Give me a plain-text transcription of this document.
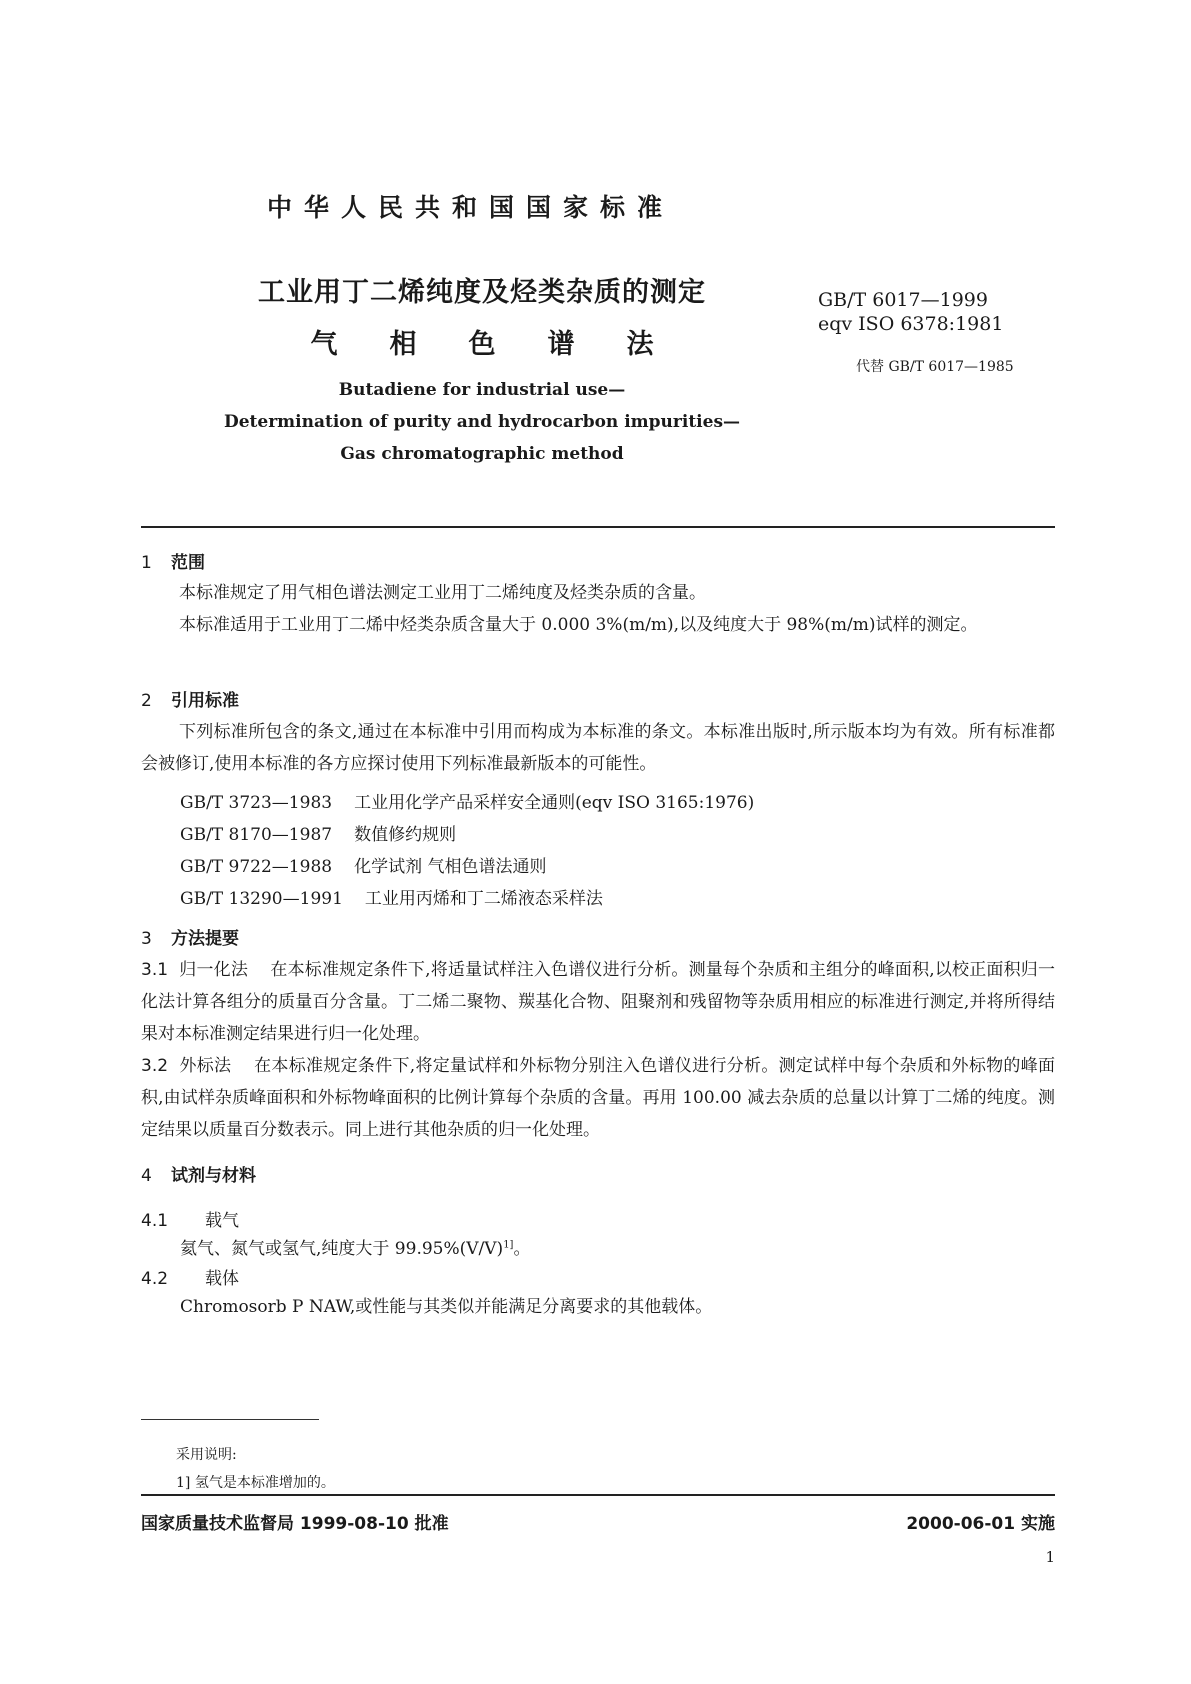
中华人民共和国国家标准
工业用丁二烯纯度及烃类杂质的测定
气相色谱法
Butadiene for industrial use—
Determination of purity and hydrocarbon impurities—
Gas chromatographic method
GB/T 6017—1999
eqv ISO 6378:1981
代替 GB/T 6017—1985
1 范围

本标准规定了用气相色谱法测定工业用丁二烯纯度及烃类杂质的含量。

本标准适用于工业用丁二烯中烃类杂质含量大于 0.000 3%(m/m),以及纯度大于 98%(m/m)试样的测定。

2 引用标准

下列标准所包含的条文,通过在本标准中引用而构成为本标准的条文。本标准出版时,所示版本均为有效。所有标准都会被修订,使用本标准的各方应探讨使用下列标准最新版本的可能性。

GB/T 3723—1983 工业用化学产品采样安全通则(eqv ISO 3165:1976)
GB/T 8170—1987 数值修约规则
GB/T 9722—1988 化学试剂 气相色谱法通则
GB/T 13290—1991 工业用丙烯和丁二烯液态采样法
3 方法提要

3.1 归一化法 在本标准规定条件下,将适量试样注入色谱仪进行分析。测量每个杂质和主组分的峰面积,以校正面积归一化法计算各组分的质量百分含量。丁二烯二聚物、羰基化合物、阻聚剂和残留物等杂质用相应的标准进行测定,并将所得结果对本标准测定结果进行归一化处理。

3.2 外标法 在本标准规定条件下,将定量试样和外标物分别注入色谱仪进行分析。测定试样中每个杂质和外标物的峰面积,由试样杂质峰面积和外标物峰面积的比例计算每个杂质的含量。再用 100.00 减去杂质的总量以计算丁二烯的纯度。测定结果以质量百分数表示。同上进行其他杂质的归一化处理。

4 试剂与材料
4.1 载气
氦气、氮气或氢气,纯度大于 $99.95\%(V/V)^{1]}$。
4.2 载体
Chromosorb P NAW,或性能与其类似并能满足分离要求的其他载体。
采用说明:
1] 氢气是本标准增加的。
国家质量技术监督局 1999-08-10 批准	2000-06-01 实施
1
